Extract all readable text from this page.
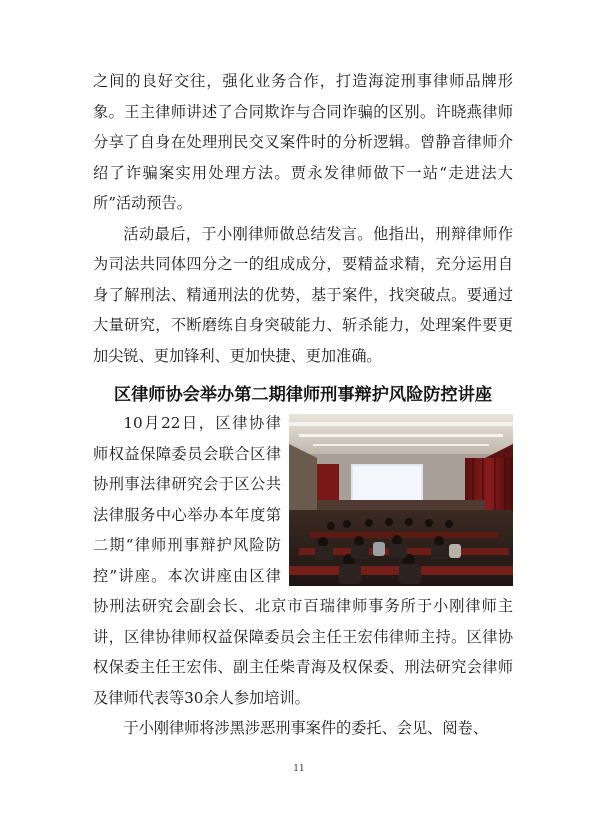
之间的良好交往，强化业务合作，打造海淀刑事律师品牌形象。王主律师讲述了合同欺诈与合同诈骗的区别。许晓燕律师分享了自身在处理刑民交叉案件时的分析逻辑。曾静音律师介绍了诈骗案实用处理方法。贾永发律师做下一站“走进法大所”活动预告。

活动最后，于小刚律师做总结发言。他指出，刑辩律师作为司法共同体四分之一的组成成分，要精益求精，充分运用自身了解刑法、精通刑法的优势，基于案件，找突破点。要通过大量研究，不断磨练自身突破能力、斩杀能力，处理案件要更加尖锐、更加锋利、更加快捷、更加准确。

区律师协会举办第二期律师刑事辩护风险防控讲座

10月22日，区律协律师权益保障委员会联合区律协刑事法律研究会于区公共法律服务中心举办本年度第二期“律师刑事辩护风险防控”讲座。本次讲座由区律协刑法研究会副会长、北京市百瑞律师事务所于小刚律师主讲，区律协律师权益保障委员会主任王宏伟律师主持。区律协权保委主任王宏伟、副主任柴青海及权保委、刑法研究会律师及律师代表等30余人参加培训。

于小刚律师将涉黑涉恶刑事案件的委托、会见、阅卷、

11
